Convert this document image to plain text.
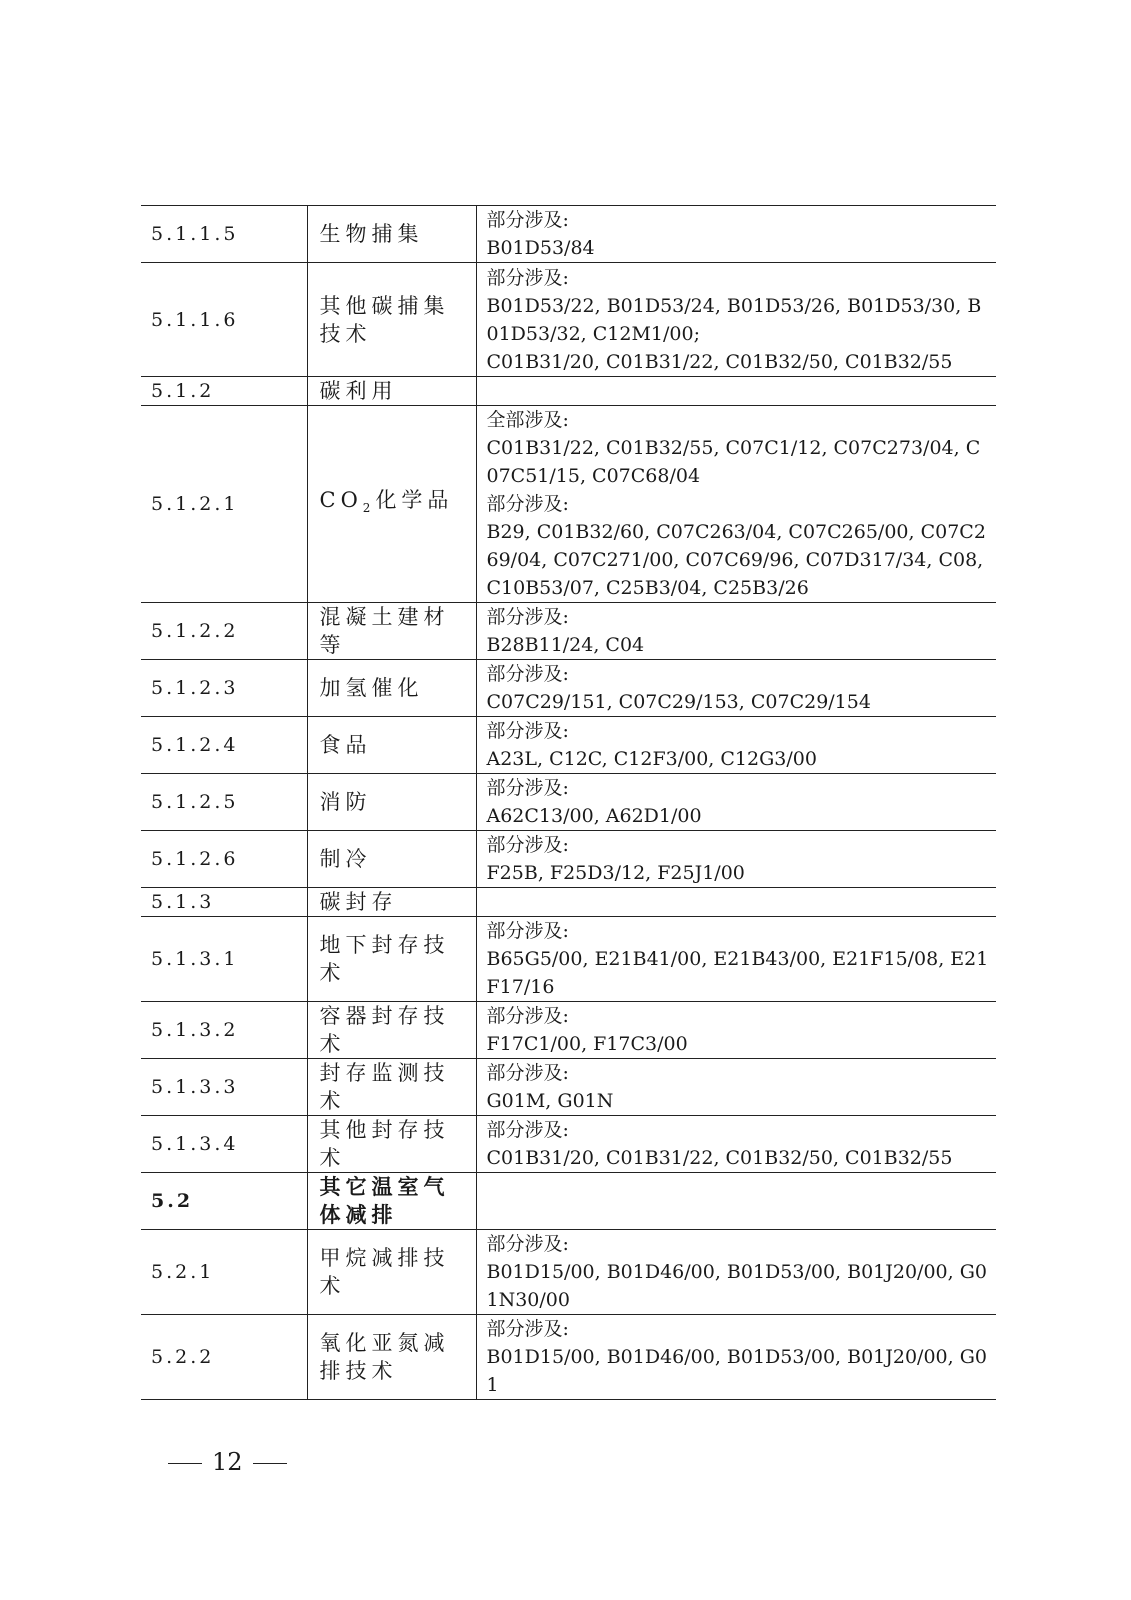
5.1.1.5	生物捕集	部分涉及:
B01D53/84

5.1.1.6	其他碳捕集技术	部分涉及:
B01D53/22, B01D53/24, B01D53/26, B01D53/30, B01D53/32, C12M1/00;
C01B31/20, C01B31/22, C01B32/50, C01B32/55

5.1.2	碳利用	

5.1.2.1	$CO_2$化学品	全部涉及:
C01B31/22, C01B32/55, C07C1/12, C07C273/04, C07C51/15, C07C68/04
部分涉及:
B29, C01B32/60, C07C263/04, C07C265/00, C07C269/04, C07C271/00, C07C69/96, C07D317/34, C08, C10B53/07, C25B3/04, C25B3/26

5.1.2.2	混凝土建材等	部分涉及:
B28B11/24, C04

5.1.2.3	加氢催化	部分涉及:
C07C29/151, C07C29/153, C07C29/154

5.1.2.4	食品	部分涉及:
A23L, C12C, C12F3/00, C12G3/00

5.1.2.5	消防	部分涉及:
A62C13/00, A62D1/00

5.1.2.6	制冷	部分涉及:
F25B, F25D3/12, F25J1/00

5.1.3	碳封存	

5.1.3.1	地下封存技术	部分涉及:
B65G5/00, E21B41/00, E21B43/00, E21F15/08, E21F17/16

5.1.3.2	容器封存技术	部分涉及:
F17C1/00, F17C3/00

5.1.3.3	封存监测技术	部分涉及:
G01M, G01N

5.1.3.4	其他封存技术	部分涉及:
C01B31/20, C01B31/22, C01B32/50, C01B32/55

5.2	其它温室气体减排	

5.2.1	甲烷减排技术	部分涉及:
B01D15/00, B01D46/00, B01D53/00, B01J20/00, G01N30/00

5.2.2	氧化亚氮减排技术	部分涉及:
B01D15/00, B01D46/00, B01D53/00, B01J20/00, G01
12
